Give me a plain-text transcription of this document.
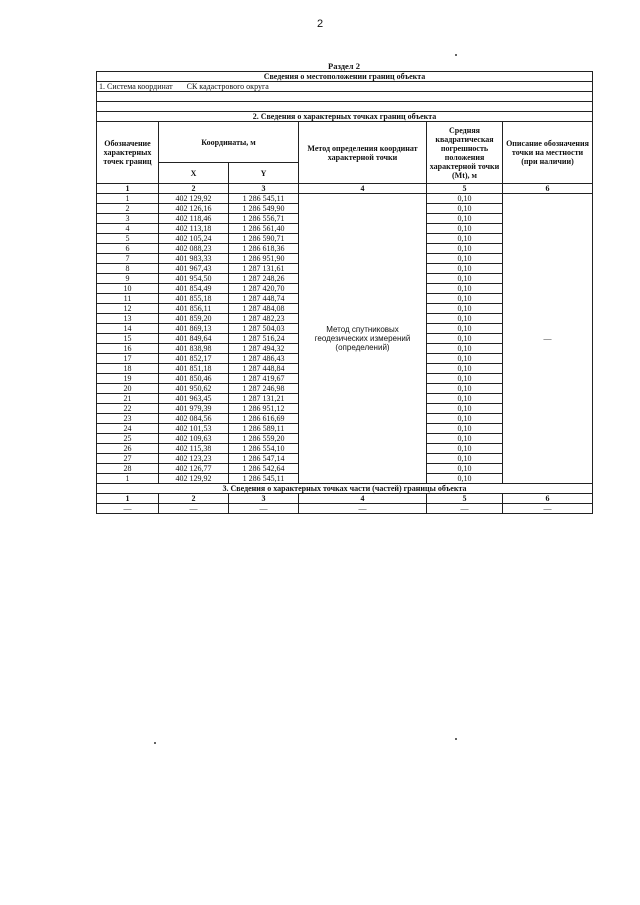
2
Раздел 2
Сведения о местоположении границ объекта					
1. Система координат СК кадастрового округа					

2. Сведения о характерных точках границ объекта					
Обозначение характерных точек границ	Координаты, м		Метод определения координат характерной точки	Средняя квадратическая погрешность положения характерной точки (Mt), м	Описание обозначения точки на местности (при наличии)
	X	Y			
1	2	3	4	5	6
1	402 129,92	1 286 545,11	Метод спутниковых геодезических измерений (определений)	0,10	—
2	402 126,16	1 286 549,90		0,10	
3	402 118,46	1 286 556,71		0,10	
4	402 113,18	1 286 561,40		0,10	
5	402 105,24	1 286 590,71		0,10	
6	402 088,23	1 286 618,36		0,10	
7	401 983,33	1 286 951,90		0,10	
8	401 967,43	1 287 131,61		0,10	
9	401 954,50	1 287 248,26		0,10	
10	401 854,49	1 287 420,70		0,10	
11	401 855,18	1 287 448,74		0,10	
12	401 856,11	1 287 484,08		0,10	
13	401 859,20	1 287 482,23		0,10	
14	401 869,13	1 287 504,03		0,10	
15	401 849,64	1 287 516,24		0,10	
16	401 838,98	1 287 494,32		0,10	
17	401 852,17	1 287 486,43		0,10	
18	401 851,18	1 287 448,84		0,10	
19	401 850,46	1 287 419,67		0,10	
20	401 950,62	1 287 246,98		0,10	
21	401 963,45	1 287 131,21		0,10	
22	401 979,39	1 286 951,12		0,10	
23	402 084,56	1 286 616,69		0,10	
24	402 101,53	1 286 589,11		0,10	
25	402 109,63	1 286 559,20		0,10	
26	402 115,38	1 286 554,10		0,10	
27	402 123,23	1 286 547,14		0,10	
28	402 126,77	1 286 542,64		0,10	
1	402 129,92	1 286 545,11		0,10	
3. Сведения о характерных точках части (частей) границы объекта					
1	2	3	4	5	6
—	—	—	—	—	—
